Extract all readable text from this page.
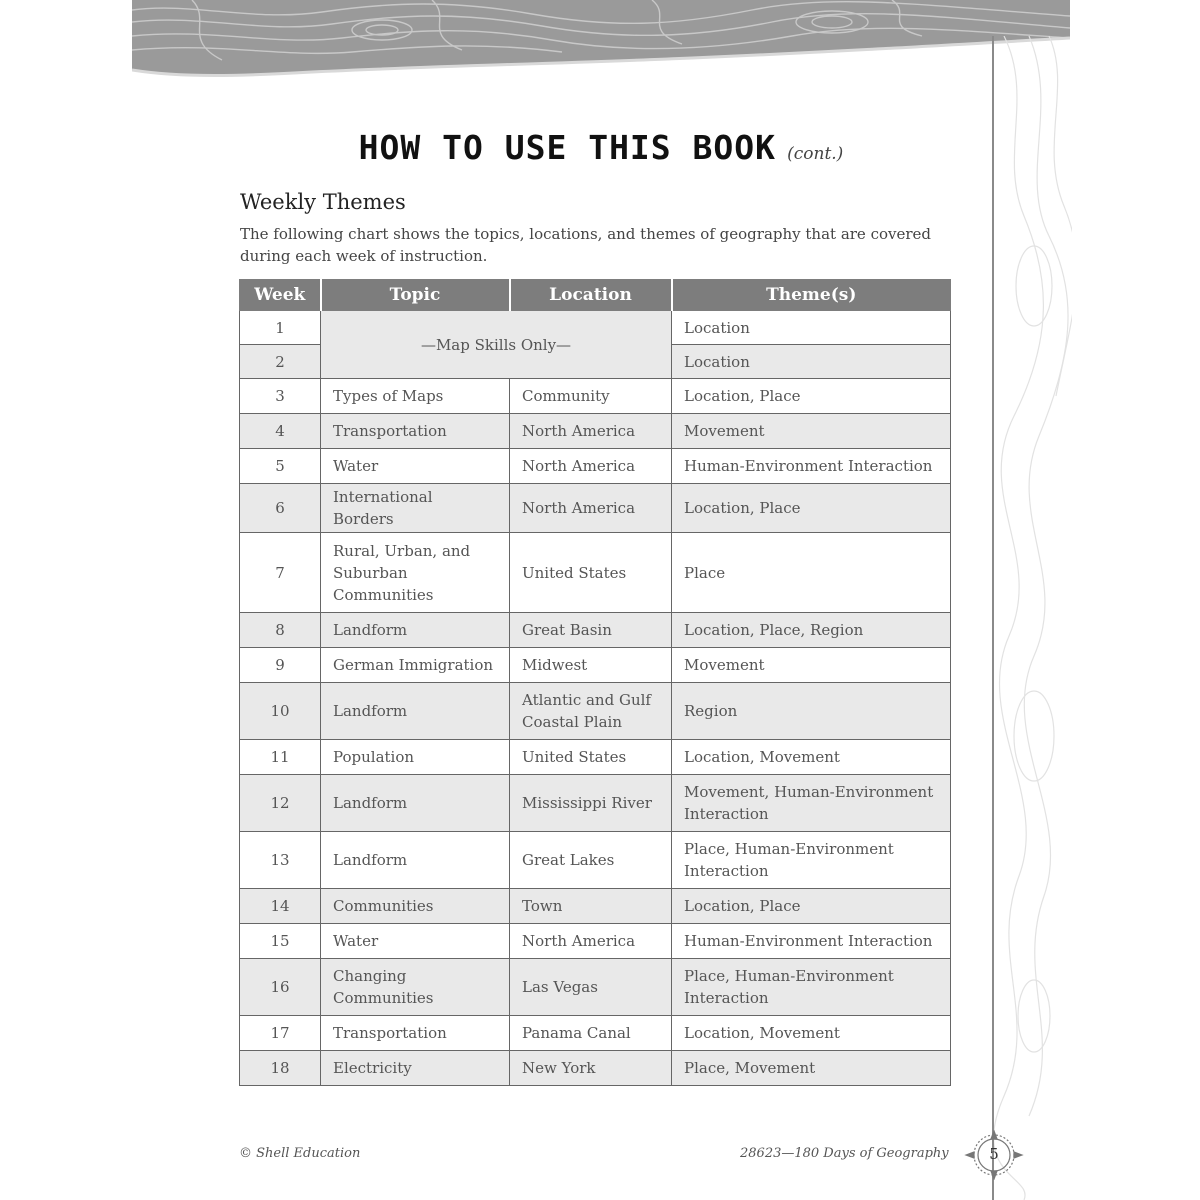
HOW TO USE THIS BOOK (cont.)
Weekly Themes
The following chart shows the topics, locations, and themes of geography that are covered during each week of instruction.
Week	Topic	Location	Theme(s)
1	—Map Skills Only—		Location
2			Location
3	Types of Maps	Community	Location, Place
4	Transportation	North America	Movement
5	Water	North America	Human-Environment Interaction
6	International Borders	North America	Location, Place
7	Rural, Urban, and Suburban Communities	United States	Place
8	Landform	Great Basin	Location, Place, Region
9	German Immigration	Midwest	Movement
10	Landform	Atlantic and Gulf Coastal Plain	Region
11	Population	United States	Location, Movement
12	Landform	Mississippi River	Movement, Human-Environment Interaction
13	Landform	Great Lakes	Place, Human-Environment Interaction
14	Communities	Town	Location, Place
15	Water	North America	Human-Environment Interaction
16	Changing Communities	Las Vegas	Place, Human-Environment Interaction
17	Transportation	Panama Canal	Location, Movement
18	Electricity	New York	Place, Movement
© Shell Education	28623—180 Days of Geography	5
